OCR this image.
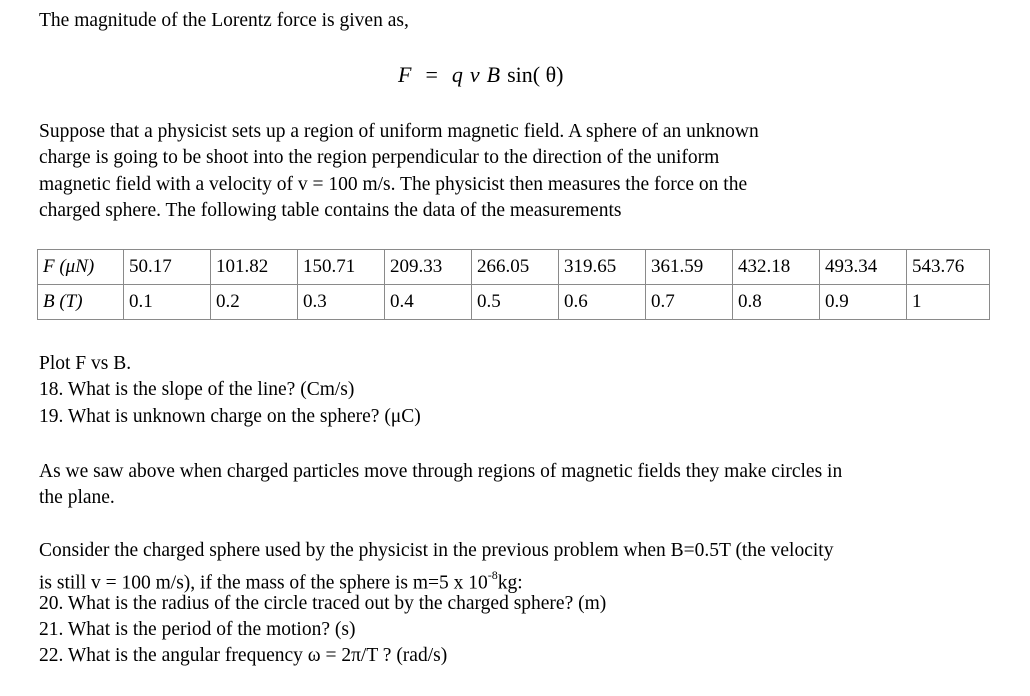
The magnitude of the Lorentz force is given as,
F = q v B sin( θ)
Suppose that a physicist sets up a region of uniform magnetic field. A sphere of an unknown
charge is going to be shoot into the region perpendicular to the direction of the uniform
magnetic field with a velocity of v = 100 m/s. The physicist then measures the force on the
charged sphere. The following table contains the data of the measurements
F (μN)	50.17	101.82	150.71	209.33	266.05	319.65	361.59	432.18	493.34	543.76
B (T)	0.1	0.2	0.3	0.4	0.5	0.6	0.7	0.8	0.9	1
Plot F vs B.
18. What is the slope of the line? (Cm/s)
19. What is unknown charge on the sphere? (μC)
As we saw above when charged particles move through regions of magnetic fields they make circles in
the plane.
Consider the charged sphere used by the physicist in the previous problem when B=0.5T (the velocity
is still v = 100 m/s), if the mass of the sphere is m=5 x $10^{-8}kg$:
20. What is the radius of the circle traced out by the charged sphere? (m)
21. What is the period of the motion? (s)
22. What is the angular frequency ω = 2π/T ? (rad/s)
